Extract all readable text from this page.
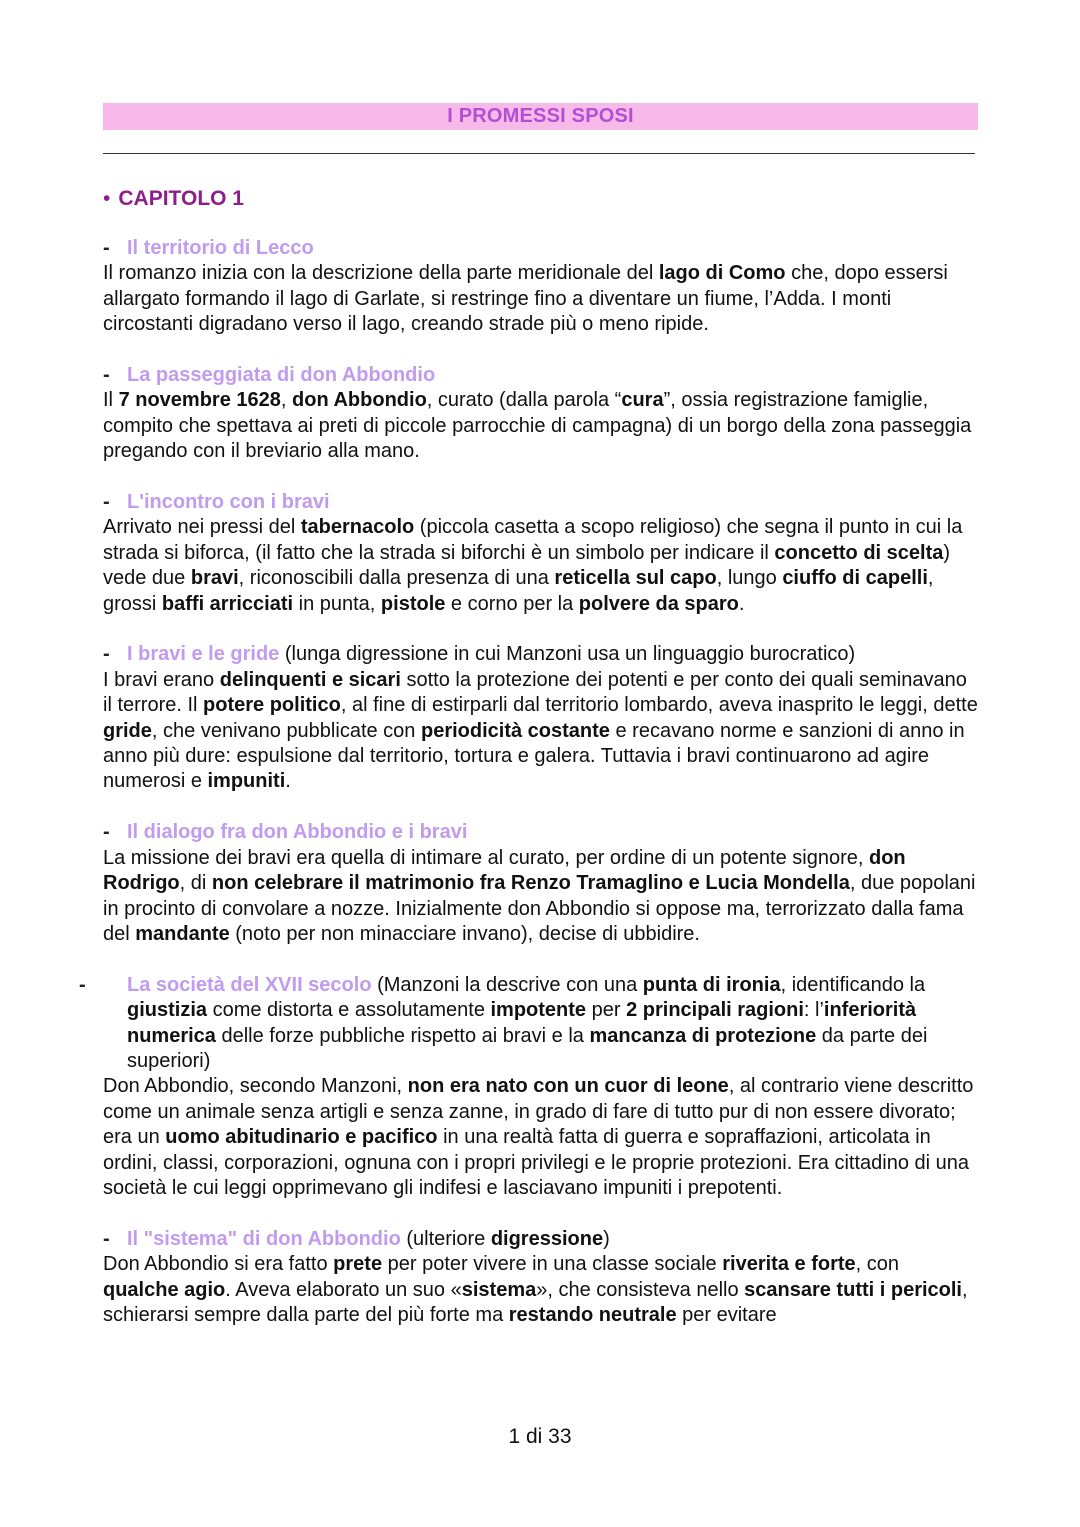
I PROMESSI SPOSI
• CAPITOLO 1
- Il territorio di Lecco
Il romanzo inizia con la descrizione della parte meridionale del lago di Como che, dopo essersi allargato formando il lago di Garlate, si restringe fino a diventare un fiume, l’Adda. I monti circostanti digradano verso il lago, creando strade più o meno ripide.
- La passeggiata di don Abbondio
Il 7 novembre 1628, don Abbondio, curato (dalla parola “cura”, ossia registrazione famiglie, compito che spettava ai preti di piccole parrocchie di campagna) di un borgo della zona passeggia pregando con il breviario alla mano.
- L'incontro con i bravi
Arrivato nei pressi del tabernacolo (piccola casetta a scopo religioso) che segna il punto in cui la strada si biforca, (il fatto che la strada si biforchi è un simbolo per indicare il concetto di scelta) vede due bravi, riconoscibili dalla presenza di una reticella sul capo, lungo ciuffo di capelli, grossi baffi arricciati in punta, pistole e corno per la polvere da sparo.
- I bravi e le gride (lunga digressione in cui Manzoni usa un linguaggio burocratico)
I bravi erano delinquenti e sicari sotto la protezione dei potenti e per conto dei quali seminavano il terrore. Il potere politico, al fine di estirparli dal territorio lombardo, aveva inasprito le leggi, dette gride, che venivano pubblicate con periodicità costante e recavano norme e sanzioni di anno in anno più dure: espulsione dal territorio, tortura e galera. Tuttavia i bravi continuarono ad agire numerosi e impuniti.
- Il dialogo fra don Abbondio e i bravi
La missione dei bravi era quella di intimare al curato, per ordine di un potente signore, don Rodrigo, di non celebrare il matrimonio fra Renzo Tramaglino e Lucia Mondella, due popolani in procinto di convolare a nozze. Inizialmente don Abbondio si oppose ma, terrorizzato dalla fama del mandante (noto per non minacciare invano), decise di ubbidire.
- La società del XVII secolo (Manzoni la descrive con una punta di ironia, identificando la giustizia come distorta e assolutamente impotente per 2 principali ragioni: l’inferiorità numerica delle forze pubbliche rispetto ai bravi e la mancanza di protezione da parte dei superiori)
Don Abbondio, secondo Manzoni, non era nato con un cuor di leone, al contrario viene descritto come un animale senza artigli e senza zanne, in grado di fare di tutto pur di non essere divorato; era un uomo abitudinario e pacifico in una realtà fatta di guerra e sopraffazioni, articolata in ordini, classi, corporazioni, ognuna con i propri privilegi e le proprie protezioni. Era cittadino di una società le cui leggi opprimevano gli indifesi e lasciavano impuniti i prepotenti.
- Il "sistema" di don Abbondio (ulteriore digressione)
Don Abbondio si era fatto prete per poter vivere in una classe sociale riverita e forte, con qualche agio. Aveva elaborato un suo «sistema», che consisteva nello scansare tutti i pericoli, schierarsi sempre dalla parte del più forte ma restando neutrale per evitare
1 di 33
